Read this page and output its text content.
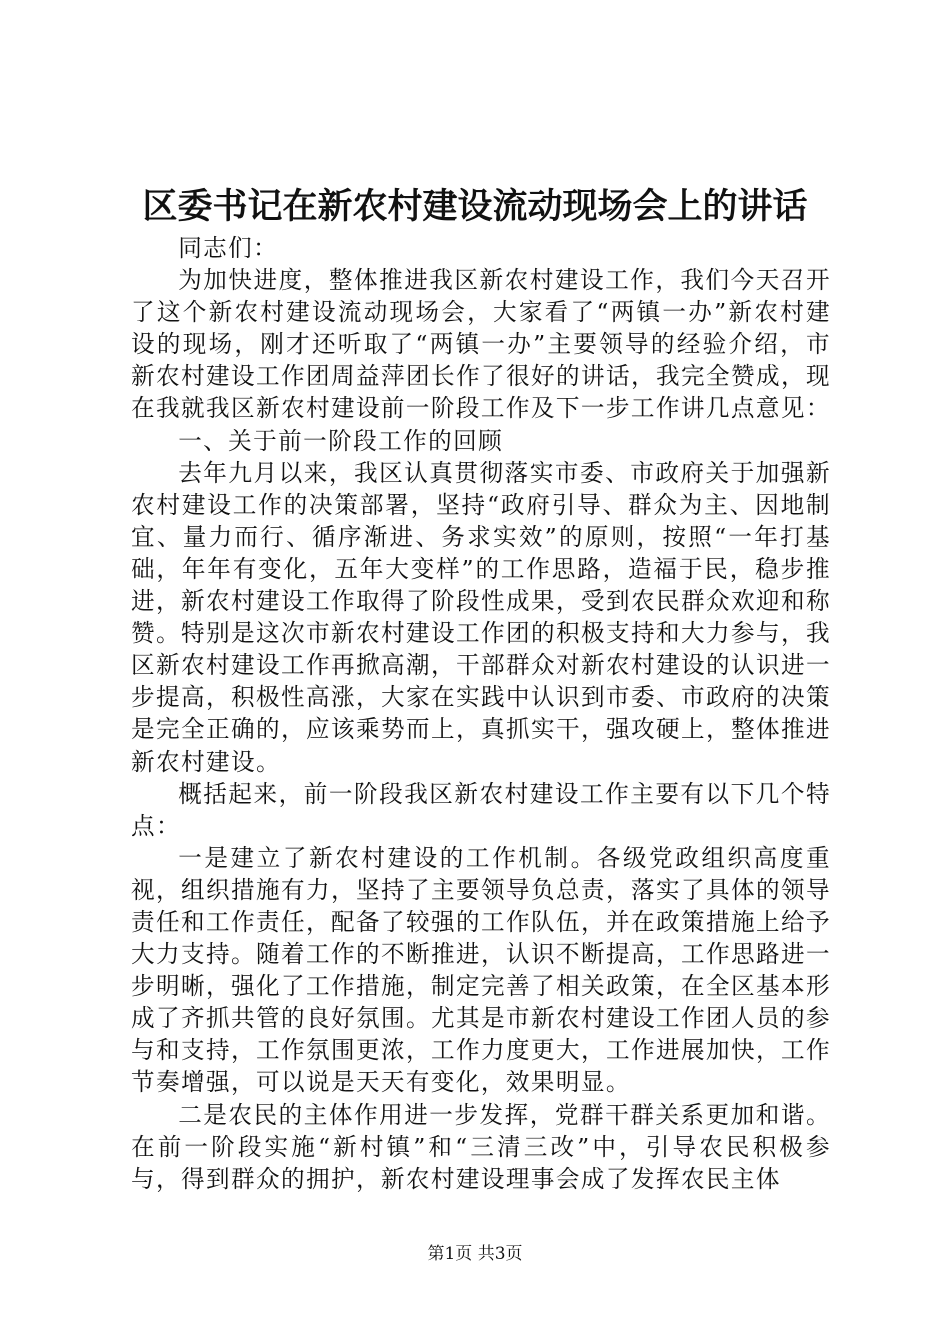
区委书记在新农村建设流动现场会上的讲话

同志们：

为加快进度，整体推进我区新农村建设工作，我们今天召开了这个新农村建设流动现场会，大家看了“两镇一办”新农村建设的现场，刚才还听取了“两镇一办”主要领导的经验介绍，市新农村建设工作团周益萍团长作了很好的讲话，我完全赞成，现在我就我区新农村建设前一阶段工作及下一步工作讲几点意见：

一、关于前一阶段工作的回顾

去年九月以来，我区认真贯彻落实市委、市政府关于加强新农村建设工作的决策部署，坚持“政府引导、群众为主、因地制宜、量力而行、循序渐进、务求实效”的原则，按照“一年打基础，年年有变化，五年大变样”的工作思路，造福于民，稳步推进，新农村建设工作取得了阶段性成果，受到农民群众欢迎和称赞。特别是这次市新农村建设工作团的积极支持和大力参与，我区新农村建设工作再掀高潮，干部群众对新农村建设的认识进一步提高，积极性高涨，大家在实践中认识到市委、市政府的决策是完全正确的，应该乘势而上，真抓实干，强攻硬上，整体推进新农村建设。

概括起来，前一阶段我区新农村建设工作主要有以下几个特点：

一是建立了新农村建设的工作机制。各级党政组织高度重视，组织措施有力，坚持了主要领导负总责，落实了具体的领导责任和工作责任，配备了较强的工作队伍，并在政策措施上给予大力支持。随着工作的不断推进，认识不断提高，工作思路进一步明晰，强化了工作措施，制定完善了相关政策，在全区基本形成了齐抓共管的良好氛围。尤其是市新农村建设工作团人员的参与和支持，工作氛围更浓，工作力度更大，工作进展加快，工作节奏增强，可以说是天天有变化，效果明显。

二是农民的主体作用进一步发挥，党群干群关系更加和谐。在前一阶段实施“新村镇”和“三清三改”中，引导农民积极参与，得到群众的拥护，新农村建设理事会成了发挥农民主体

第1页 共3页
